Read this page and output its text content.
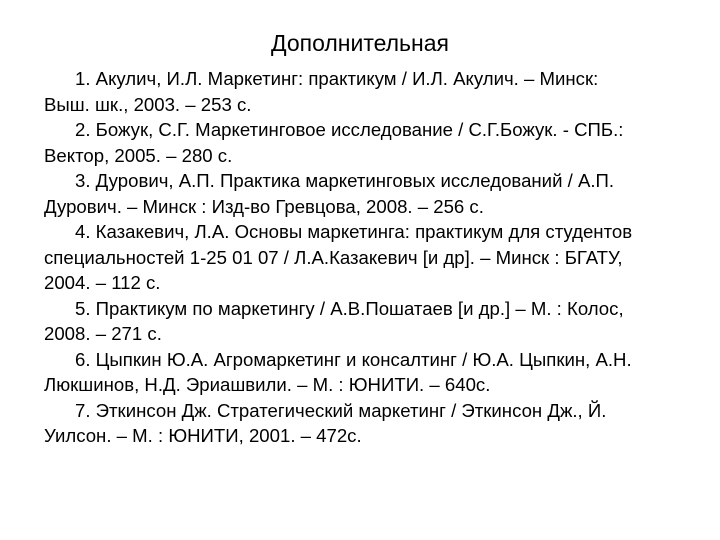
Дополнительная

1. Акулич, И.Л. Маркетинг: практикум / И.Л. Акулич. – Минск:
Выш. шк., 2003. – 253 с.

2. Божук, С.Г. Маркетинговое исследование / С.Г.Божук. - СПБ.:
Вектор, 2005. – 280 с.

3. Дурович, А.П. Практика маркетинговых исследований / А.П.
Дурович. – Минск : Изд-во Гревцова, 2008. – 256 с.

4. Казакевич, Л.А. Основы маркетинга: практикум для студентов
специальностей 1-25 01 07 / Л.А.Казакевич [и др]. – Минск : БГАТУ,
2004. – 112 с.

5. Практикум по маркетингу / А.В.Пошатаев [и др.] – М. : Колос,
2008. – 271 с.

6. Цыпкин Ю.А. Агромаркетинг и консалтинг / Ю.А. Цыпкин, А.Н.
Люкшинов, Н.Д. Эриашвили. – М. : ЮНИТИ. – 640с.

7. Эткинсон Дж. Стратегический маркетинг / Эткинсон Дж., Й.
Уилсон. – М. : ЮНИТИ, 2001. – 472с.
